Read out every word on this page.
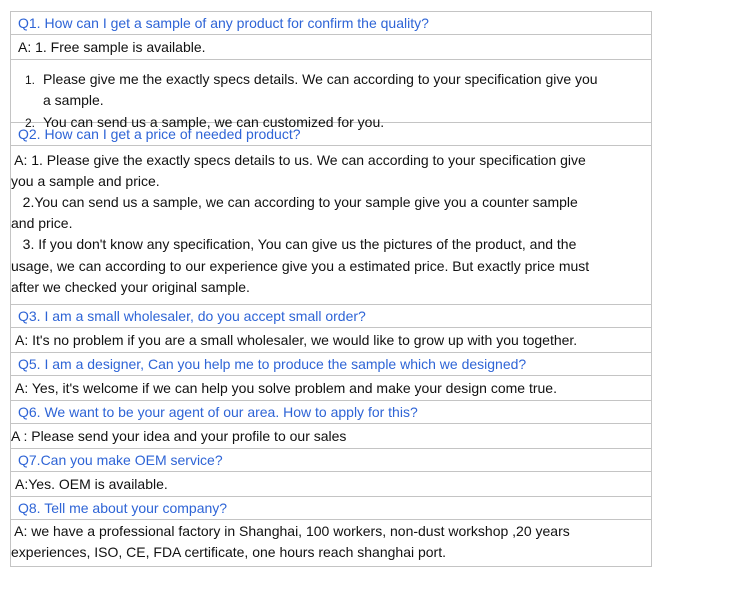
Q1. How can I get a sample of any product for confirm the quality?
A: 1. Free sample is available.
1. Please give me the exactly specs details. We can according to your specification give you
a sample.
2. You can send us a sample, we can customized for you.
Q2. How can I get a price of needed product?
A: 1. Please give the exactly specs details to us. We can according to your specification give
you a sample and price.
2.You can send us a sample, we can according to your sample give you a counter sample
and price.
3. If you don't know any specification, You can give us the pictures of the product, and the
usage, we can according to our experience give you a estimated price. But exactly price must
after we checked your original sample.
Q3. I am a small wholesaler, do you accept small order?
A: It's no problem if you are a small wholesaler, we would like to grow up with you together.
Q5. I am a designer, Can you help me to produce the sample which we designed?
A: Yes, it's welcome if we can help you solve problem and make your design come true.
Q6. We want to be your agent of our area. How to apply for this?
A : Please send your idea and your profile to our sales
Q7.Can you make OEM service?
A:Yes. OEM is available.
Q8. Tell me about your company?
A: we have a professional factory in Shanghai, 100 workers, non-dust workshop ,20 years
experiences, ISO, CE, FDA certificate, one hours reach shanghai port.
